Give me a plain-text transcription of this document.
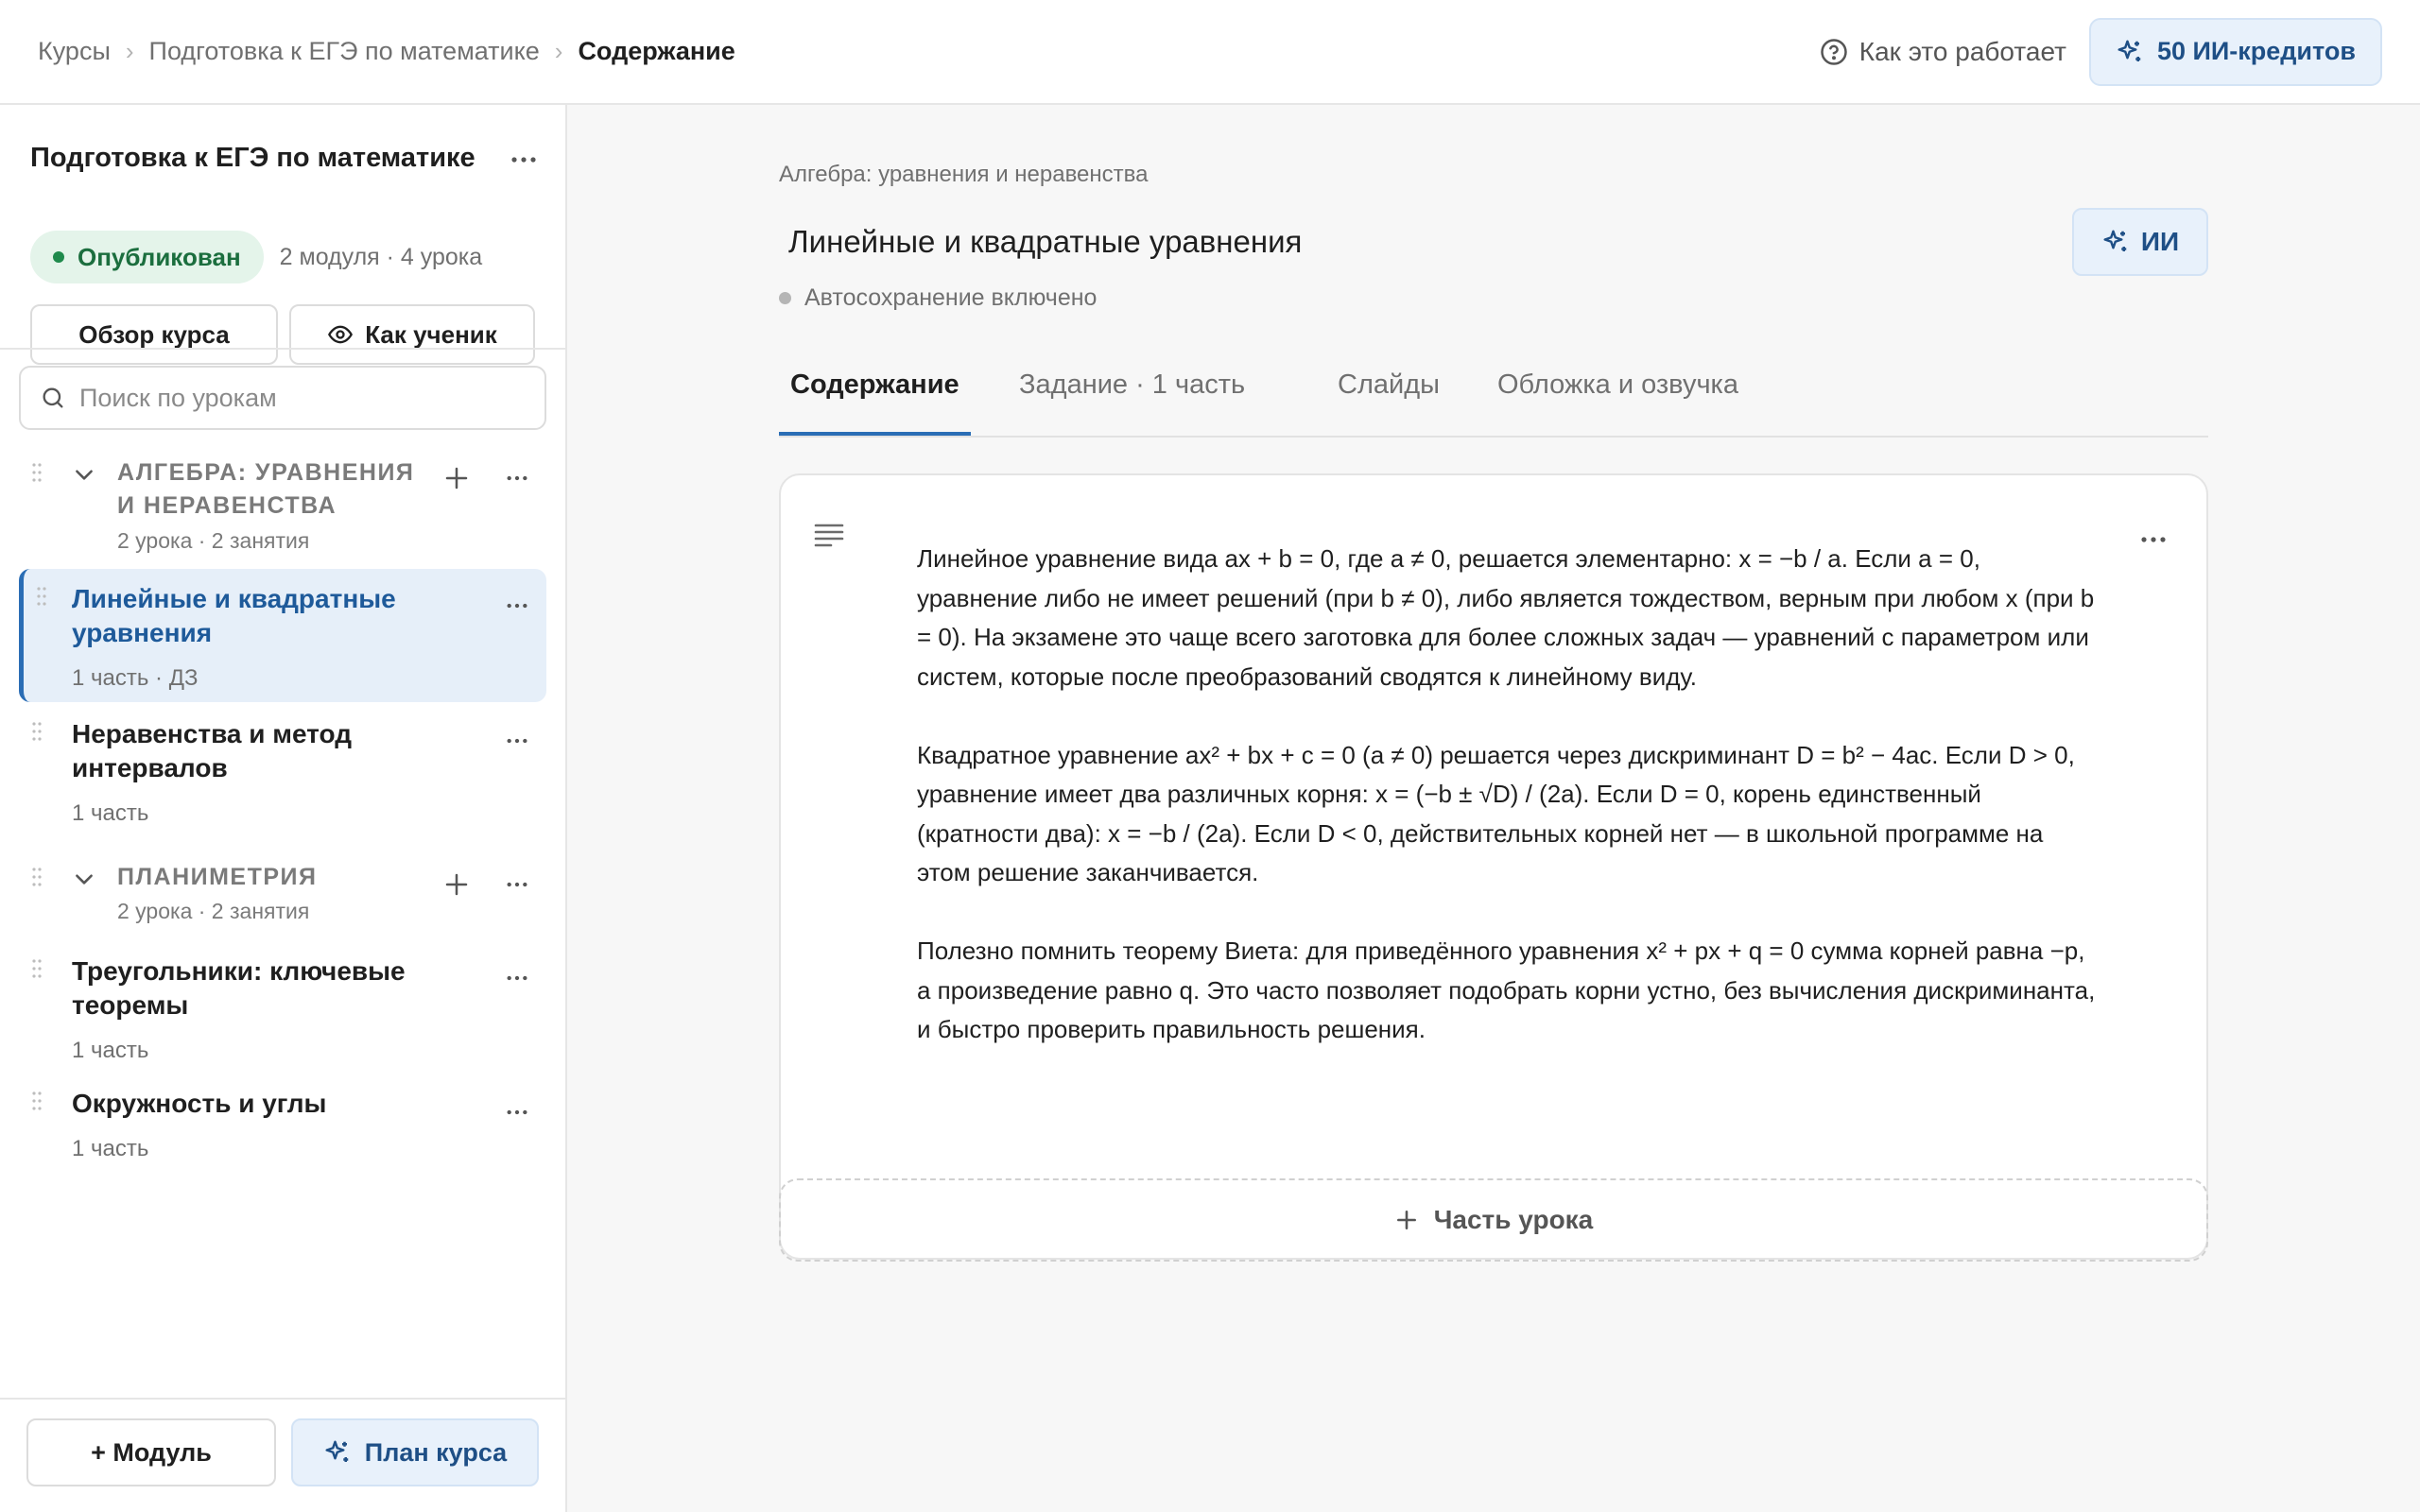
Курсы › Подготовка к ЕГЭ по математике › Содержание	Как это работает	50 ИИ-кредитов
Подготовка к ЕГЭ по математике
Опубликован 2 модуля · 4 урока
Обзор курса	Как ученик
Поиск по урокам
АЛГЕБРА: УРАВНЕНИЯ И НЕРАВЕНСТВА
2 урока · 2 занятия
Линейные и квадратные уравнения
1 часть · ДЗ
Неравенства и метод интервалов
1 часть
ПЛАНИМЕТРИЯ
2 урока · 2 занятия
Треугольники: ключевые теоремы
1 часть
Окружность и углы
1 часть
+ Модуль	План курса
Алгебра: уравнения и неравенства
Линейные и квадратные уравнения
Автосохранение включено
ИИ
Содержание	Задание · 1 часть	Слайды Обложка и озвучка

Линейное уравнение вида ax + b = 0, где a ≠ 0, решается элементарно: x = −b / a. Если a = 0, уравнение либо не имеет решений (при b ≠ 0), либо является тождеством, верным при любом x (при b = 0). На экзамене это чаще всего заготовка для более сложных задач — уравнений с параметром или систем, которые после преобразований сводятся к линейному виду.

Квадратное уравнение ax² + bx + c = 0 (a ≠ 0) решается через дискриминант D = b² − 4ac. Если D > 0, уравнение имеет два различных корня: x = (−b ± √D) / (2a). Если D = 0, корень единственный (кратности два): x = −b / (2a). Если D < 0, действительных корней нет — в школьной программе на этом решение заканчивается.

Полезно помнить теорему Виета: для приведённого уравнения x² + px + q = 0 сумма корней равна −p, а произведение равно q. Это часто позволяет подобрать корни устно, без вычисления дискриминанта, и быстро проверить правильность решения.

Часть урока
